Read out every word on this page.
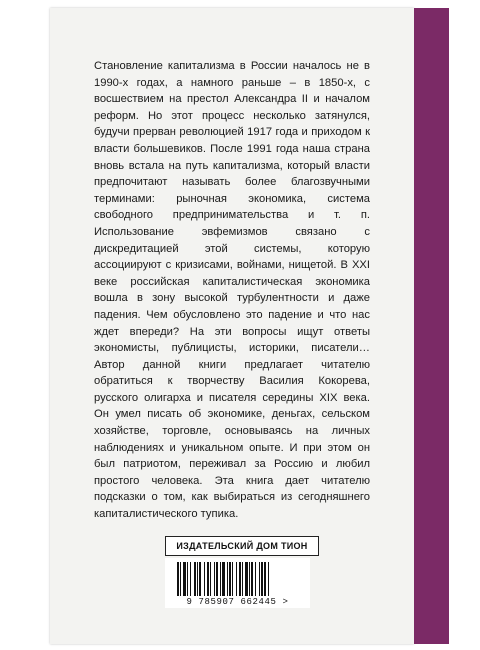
Становление капитализма в России началось не в 1990-х годах, а намного раньше – в 1850-х, с восшествием на престол Александра II и началом реформ. Но этот процесс несколько затянулся, будучи прерван революцией 1917 года и приходом к власти большевиков. После 1991 года наша страна вновь встала на путь капитализма, который власти предпочитают называть более благозвучными терминами: рыночная экономика, система свободного предпринимательства и т. п. Использование эвфемизмов связано с дискредитацией этой системы, которую ассоциируют с кризисами, войнами, нищетой. В XXI веке российская капиталистическая экономика вошла в зону высокой турбулентности и даже падения. Чем обусловлено это падение и что нас ждет впереди? На эти вопросы ищут ответы экономисты, публицисты, историки, писатели… Автор данной книги предлагает читателю обратиться к творчеству Василия Кокорева, русского олигарха и писателя середины XIX века. Он умел писать об экономике, деньгах, сельском хозяйстве, торговле, основываясь на личных наблюдениях и уникальном опыте. И при этом он был патриотом, переживал за Россию и любил простого человека. Эта книга дает читателю подсказки о том, как выбираться из сегодняшнего капиталистического тупика.

ИЗДАТЕЛЬСКИЙ ДОМ ТИОН
9 785907 662445 >
